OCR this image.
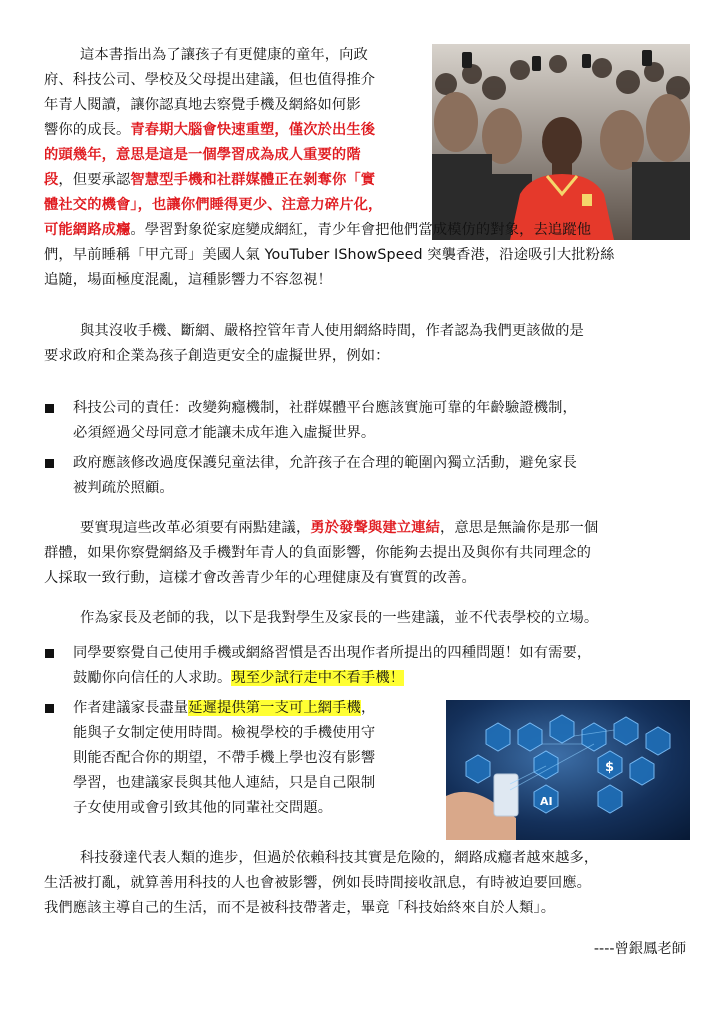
這本書指出為了讓孩子有更健康的童年，向政
府、科技公司、學校及父母提出建議，但也值得推介
年青人閱讀，讓你認真地去察覺手機及網絡如何影
響你的成長。青春期大腦會快速重塑，僅次於出生後
的頭幾年，意思是這是一個學習成為成人重要的階
段，但要承認智慧型手機和社群媒體正在剝奪你「實
體社交的機會」，也讓你們睡得更少、注意力碎片化，
可能網路成癮。學習對象從家庭變成網紅，青少年會把他們當成模仿的對象，去追蹤他
們，早前睡稱「甲亢哥」美國人氣 YouTuber IShowSpeed 突襲香港，沿途吸引大批粉絲
追隨，場面極度混亂，這種影響力不容忽視！
與其沒收手機、斷網、嚴格控管年青人使用網絡時間，作者認為我們更該做的是
要求政府和企業為孩子創造更安全的虛擬世界，例如：
科技公司的責任：改變夠癮機制，社群媒體平台應該實施可靠的年齡驗證機制，
必須經過父母同意才能讓未成年進入虛擬世界。
政府應該修改過度保護兒童法律，允許孩子在合理的範圍內獨立活動，避免家長
被判疏於照顧。
要實現這些改革必須要有兩點建議，勇於發聲與建立連結，意思是無論你是那一個
群體，如果你察覺網絡及手機對年青人的負面影響，你能夠去提出及與你有共同理念的
人採取一致行動，這樣才會改善青少年的心理健康及有實質的改善。
作為家長及老師的我，以下是我對學生及家長的一些建議，並不代表學校的立場。
同學要察覺自己使用手機或網絡習慣是否出現作者所提出的四種問題！如有需要，
鼓勵你向信任的人求助。現至少試行走中不看手機！
作者建議家長盡量延遲提供第一支可上網手機，
能與子女制定使用時間。檢視學校的手機使用守
則能否配合你的期望，不帶手機上學也沒有影響
學習，也建議家長與其他人連結，只是自己限制
子女使用或會引致其他的同輩社交問題。	AI
$
科技發達代表人類的進步，但過於依賴科技其實是危險的，網路成癮者越來越多，
生活被打亂，就算善用科技的人也會被影響，例如長時間接收訊息，有時被迫要回應。
我們應該主導自己的生活，而不是被科技帶著走，畢竟「科技始終來自於人類」。
----曾銀鳳老師
